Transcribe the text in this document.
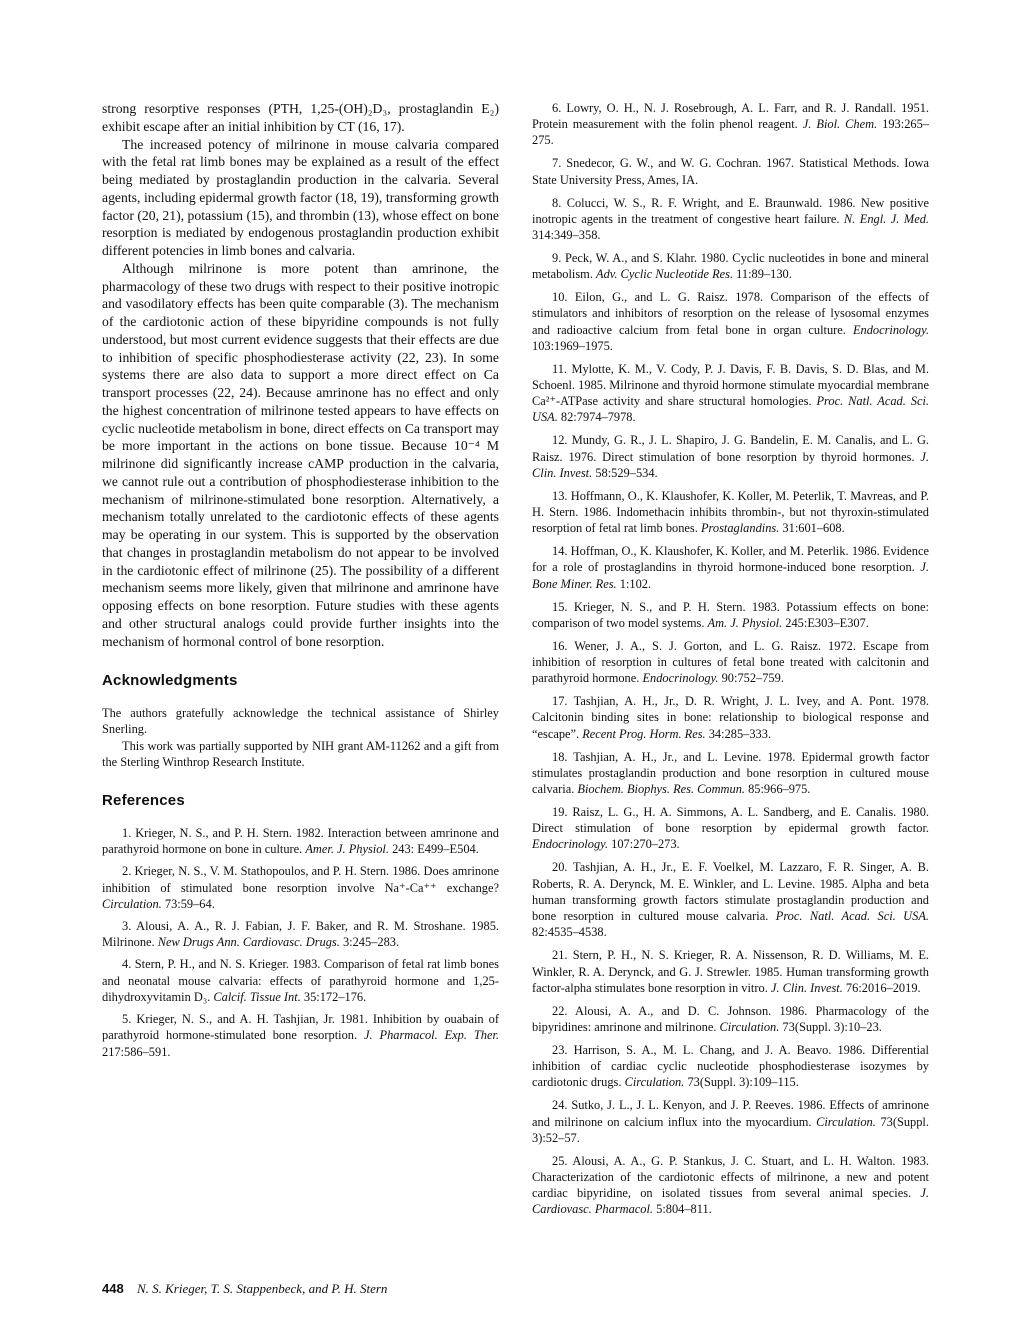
strong resorptive responses (PTH, 1,25-(OH)₂D₃, prostaglandin E₂) exhibit escape after an initial inhibition by CT (16, 17).

The increased potency of milrinone in mouse calvaria compared with the fetal rat limb bones may be explained as a result of the effect being mediated by prostaglandin production in the calvaria. Several agents, including epidermal growth factor (18, 19), transforming growth factor (20, 21), potassium (15), and thrombin (13), whose effect on bone resorption is mediated by endogenous prostaglandin production exhibit different potencies in limb bones and calvaria.

Although milrinone is more potent than amrinone, the pharmacology of these two drugs with respect to their positive inotropic and vasodilatory effects has been quite comparable (3). The mechanism of the cardiotonic action of these bipyridine compounds is not fully understood, but most current evidence suggests that their effects are due to inhibition of specific phosphodiesterase activity (22, 23). In some systems there are also data to support a more direct effect on Ca transport processes (22, 24). Because amrinone has no effect and only the highest concentration of milrinone tested appears to have effects on cyclic nucleotide metabolism in bone, direct effects on Ca transport may be more important in the actions on bone tissue. Because 10⁻⁴ M milrinone did significantly increase cAMP production in the calvaria, we cannot rule out a contribution of phosphodiesterase inhibition to the mechanism of milrinone-stimulated bone resorption. Alternatively, a mechanism totally unrelated to the cardiotonic effects of these agents may be operating in our system. This is supported by the observation that changes in prostaglandin metabolism do not appear to be involved in the cardiotonic effect of milrinone (25). The possibility of a different mechanism seems more likely, given that milrinone and amrinone have opposing effects on bone resorption. Future studies with these agents and other structural analogs could provide further insights into the mechanism of hormonal control of bone resorption.

Acknowledgments

The authors gratefully acknowledge the technical assistance of Shirley Snerling.

This work was partially supported by NIH grant AM-11262 and a gift from the Sterling Winthrop Research Institute.

References

1. Krieger, N. S., and P. H. Stern. 1982. Interaction between amrinone and parathyroid hormone on bone in culture. Amer. J. Physiol. 243: E499–E504.

2. Krieger, N. S., V. M. Stathopoulos, and P. H. Stern. 1986. Does amrinone inhibition of stimulated bone resorption involve Na⁺-Ca⁺⁺ exchange? Circulation. 73:59–64.

3. Alousi, A. A., R. J. Fabian, J. F. Baker, and R. M. Stroshane. 1985. Milrinone. New Drugs Ann. Cardiovasc. Drugs. 3:245–283.

4. Stern, P. H., and N. S. Krieger. 1983. Comparison of fetal rat limb bones and neonatal mouse calvaria: effects of parathyroid hormone and 1,25-dihydroxyvitamin D₃. Calcif. Tissue Int. 35:172–176.

5. Krieger, N. S., and A. H. Tashjian, Jr. 1981. Inhibition by ouabain of parathyroid hormone-stimulated bone resorption. J. Pharmacol. Exp. Ther. 217:586–591.

6. Lowry, O. H., N. J. Rosebrough, A. L. Farr, and R. J. Randall. 1951. Protein measurement with the folin phenol reagent. J. Biol. Chem. 193:265–275.

7. Snedecor, G. W., and W. G. Cochran. 1967. Statistical Methods. Iowa State University Press, Ames, IA.

8. Colucci, W. S., R. F. Wright, and E. Braunwald. 1986. New positive inotropic agents in the treatment of congestive heart failure. N. Engl. J. Med. 314:349–358.

9. Peck, W. A., and S. Klahr. 1980. Cyclic nucleotides in bone and mineral metabolism. Adv. Cyclic Nucleotide Res. 11:89–130.

10. Eilon, G., and L. G. Raisz. 1978. Comparison of the effects of stimulators and inhibitors of resorption on the release of lysosomal enzymes and radioactive calcium from fetal bone in organ culture. Endocrinology. 103:1969–1975.

11. Mylotte, K. M., V. Cody, P. J. Davis, F. B. Davis, S. D. Blas, and M. Schoenl. 1985. Milrinone and thyroid hormone stimulate myocardial membrane Ca²⁺-ATPase activity and share structural homologies. Proc. Natl. Acad. Sci. USA. 82:7974–7978.

12. Mundy, G. R., J. L. Shapiro, J. G. Bandelin, E. M. Canalis, and L. G. Raisz. 1976. Direct stimulation of bone resorption by thyroid hormones. J. Clin. Invest. 58:529–534.

13. Hoffmann, O., K. Klaushofer, K. Koller, M. Peterlik, T. Mavreas, and P. H. Stern. 1986. Indomethacin inhibits thrombin-, but not thyroxin-stimulated resorption of fetal rat limb bones. Prostaglandins. 31:601–608.

14. Hoffman, O., K. Klaushofer, K. Koller, and M. Peterlik. 1986. Evidence for a role of prostaglandins in thyroid hormone-induced bone resorption. J. Bone Miner. Res. 1:102.

15. Krieger, N. S., and P. H. Stern. 1983. Potassium effects on bone: comparison of two model systems. Am. J. Physiol. 245:E303–E307.

16. Wener, J. A., S. J. Gorton, and L. G. Raisz. 1972. Escape from inhibition of resorption in cultures of fetal bone treated with calcitonin and parathyroid hormone. Endocrinology. 90:752–759.

17. Tashjian, A. H., Jr., D. R. Wright, J. L. Ivey, and A. Pont. 1978. Calcitonin binding sites in bone: relationship to biological response and “escape”. Recent Prog. Horm. Res. 34:285–333.

18. Tashjian, A. H., Jr., and L. Levine. 1978. Epidermal growth factor stimulates prostaglandin production and bone resorption in cultured mouse calvaria. Biochem. Biophys. Res. Commun. 85:966–975.

19. Raisz, L. G., H. A. Simmons, A. L. Sandberg, and E. Canalis. 1980. Direct stimulation of bone resorption by epidermal growth factor. Endocrinology. 107:270–273.

20. Tashjian, A. H., Jr., E. F. Voelkel, M. Lazzaro, F. R. Singer, A. B. Roberts, R. A. Derynck, M. E. Winkler, and L. Levine. 1985. Alpha and beta human transforming growth factors stimulate prostaglandin production and bone resorption in cultured mouse calvaria. Proc. Natl. Acad. Sci. USA. 82:4535–4538.

21. Stern, P. H., N. S. Krieger, R. A. Nissenson, R. D. Williams, M. E. Winkler, R. A. Derynck, and G. J. Strewler. 1985. Human transforming growth factor-alpha stimulates bone resorption in vitro. J. Clin. Invest. 76:2016–2019.

22. Alousi, A. A., and D. C. Johnson. 1986. Pharmacology of the bipyridines: amrinone and milrinone. Circulation. 73(Suppl. 3):10–23.

23. Harrison, S. A., M. L. Chang, and J. A. Beavo. 1986. Differential inhibition of cardiac cyclic nucleotide phosphodiesterase isozymes by cardiotonic drugs. Circulation. 73(Suppl. 3):109–115.

24. Sutko, J. L., J. L. Kenyon, and J. P. Reeves. 1986. Effects of amrinone and milrinone on calcium influx into the myocardium. Circulation. 73(Suppl. 3):52–57.

25. Alousi, A. A., G. P. Stankus, J. C. Stuart, and L. H. Walton. 1983. Characterization of the cardiotonic effects of milrinone, a new and potent cardiac bipyridine, on isolated tissues from several animal species. J. Cardiovasc. Pharmacol. 5:804–811.

448 N. S. Krieger, T. S. Stappenbeck, and P. H. Stern
